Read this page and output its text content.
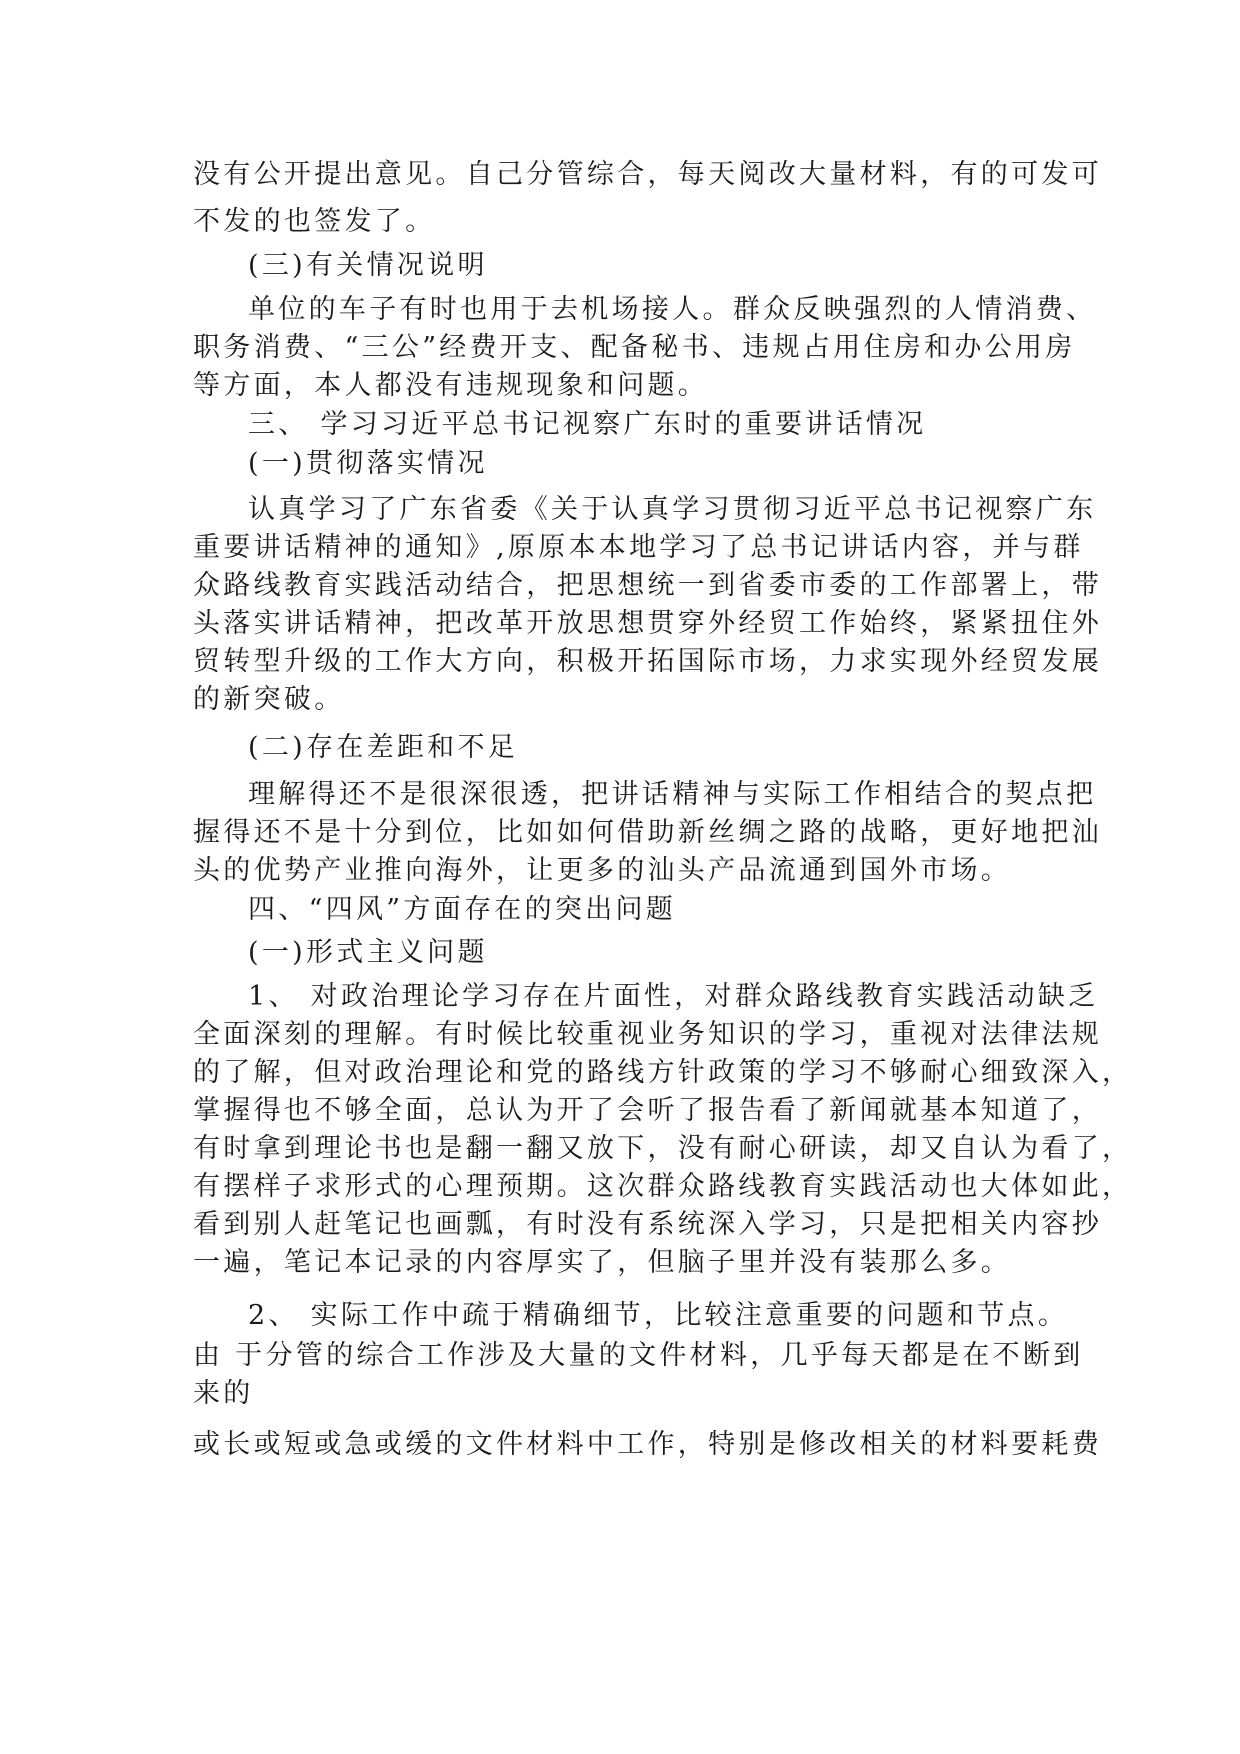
没有公开提出意见。自己分管综合，每天阅改大量材料，有的可发可
不发的也签发了。
(三)有关情况说明
单位的车子有时也用于去机场接人。群众反映强烈的人情消费、
职务消费、“三公”经费开支、配备秘书、违规占用住房和办公用房
等方面，本人都没有违规现象和问题。
三、 学习习近平总书记视察广东时的重要讲话情况
(一)贯彻落实情况
认真学习了广东省委《关于认真学习贯彻习近平总书记视察广东
重要讲话精神的通知》,原原本本地学习了总书记讲话内容，并与群
众路线教育实践活动结合，把思想统一到省委市委的工作部署上，带
头落实讲话精神，把改革开放思想贯穿外经贸工作始终，紧紧扭住外
贸转型升级的工作大方向，积极开拓国际市场，力求实现外经贸发展
的新突破。
(二)存在差距和不足
理解得还不是很深很透，把讲话精神与实际工作相结合的契点把
握得还不是十分到位，比如如何借助新丝绸之路的战略，更好地把汕
头的优势产业推向海外，让更多的汕头产品流通到国外市场。
四、“四风”方面存在的突出问题
(一)形式主义问题
1、 对政治理论学习存在片面性，对群众路线教育实践活动缺乏
全面深刻的理解。有时候比较重视业务知识的学习，重视对法律法规
的了解，但对政治理论和党的路线方针政策的学习不够耐心细致深入，
掌握得也不够全面，总认为开了会听了报告看了新闻就基本知道了，
有时拿到理论书也是翻一翻又放下，没有耐心研读，却又自认为看了，
有摆样子求形式的心理预期。这次群众路线教育实践活动也大体如此，
看到别人赶笔记也画瓢，有时没有系统深入学习，只是把相关内容抄
一遍，笔记本记录的内容厚实了，但脑子里并没有装那么多。
2、 实际工作中疏于精确细节，比较注意重要的问题和节点。
由 于分管的综合工作涉及大量的文件材料，几乎每天都是在不断到
来的
或长或短或急或缓的文件材料中工作，特别是修改相关的材料要耗费
